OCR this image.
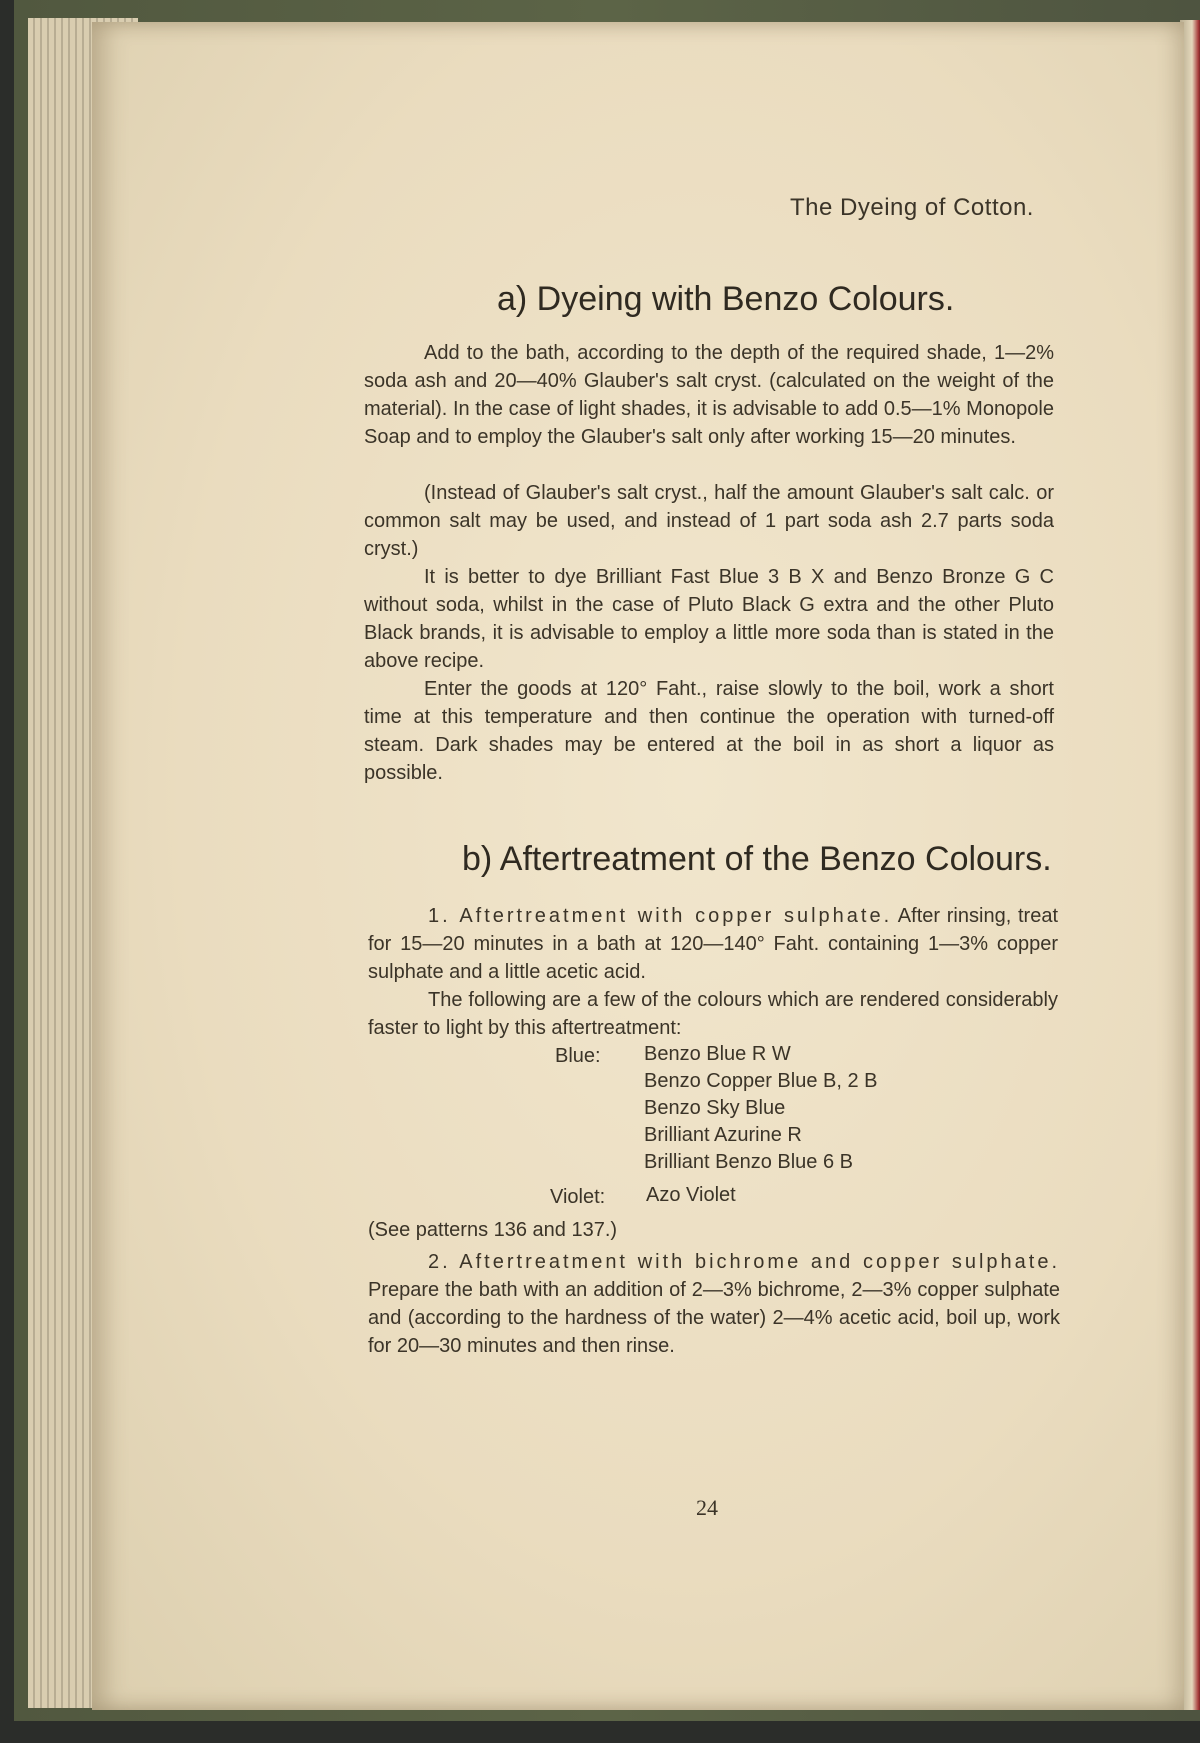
The Dyeing of Cotton.
a) Dyeing with Benzo Colours.
Add to the bath, according to the depth of the required shade, 1—2% soda ash and 20—40% Glauber's salt cryst. (calculated on the weight of the material). In the case of light shades, it is advisable to add 0.5—1% Monopole Soap and to employ the Glauber's salt only after working 15—20 minutes.
(Instead of Glauber's salt cryst., half the amount Glauber's salt calc. or common salt may be used, and instead of 1 part soda ash 2.7 parts soda cryst.)
It is better to dye Brilliant Fast Blue 3 B X and Benzo Bronze G C without soda, whilst in the case of Pluto Black G extra and the other Pluto Black brands, it is advisable to employ a little more soda than is stated in the above recipe.
Enter the goods at 120° Faht., raise slowly to the boil, work a short time at this temperature and then continue the operation with turned-off steam. Dark shades may be entered at the boil in as short a liquor as possible.
b) Aftertreatment of the Benzo Colours.
1. Aftertreatment with copper sulphate. After rinsing, treat for 15—20 minutes in a bath at 120—140° Faht. containing 1—3% copper sulphate and a little acetic acid.
The following are a few of the colours which are rendered considerably faster to light by this aftertreatment:
Blue: Benzo Blue R W
Benzo Copper Blue B, 2 B
Benzo Sky Blue
Brilliant Azurine R
Brilliant Benzo Blue 6 B
Violet: Azo Violet
(See patterns 136 and 137.)
2. Aftertreatment with bichrome and copper sulphate. Prepare the bath with an addition of 2—3% bichrome, 2—3% copper sulphate and (according to the hardness of the water) 2—4% acetic acid, boil up, work for 20—30 minutes and then rinse.
24
